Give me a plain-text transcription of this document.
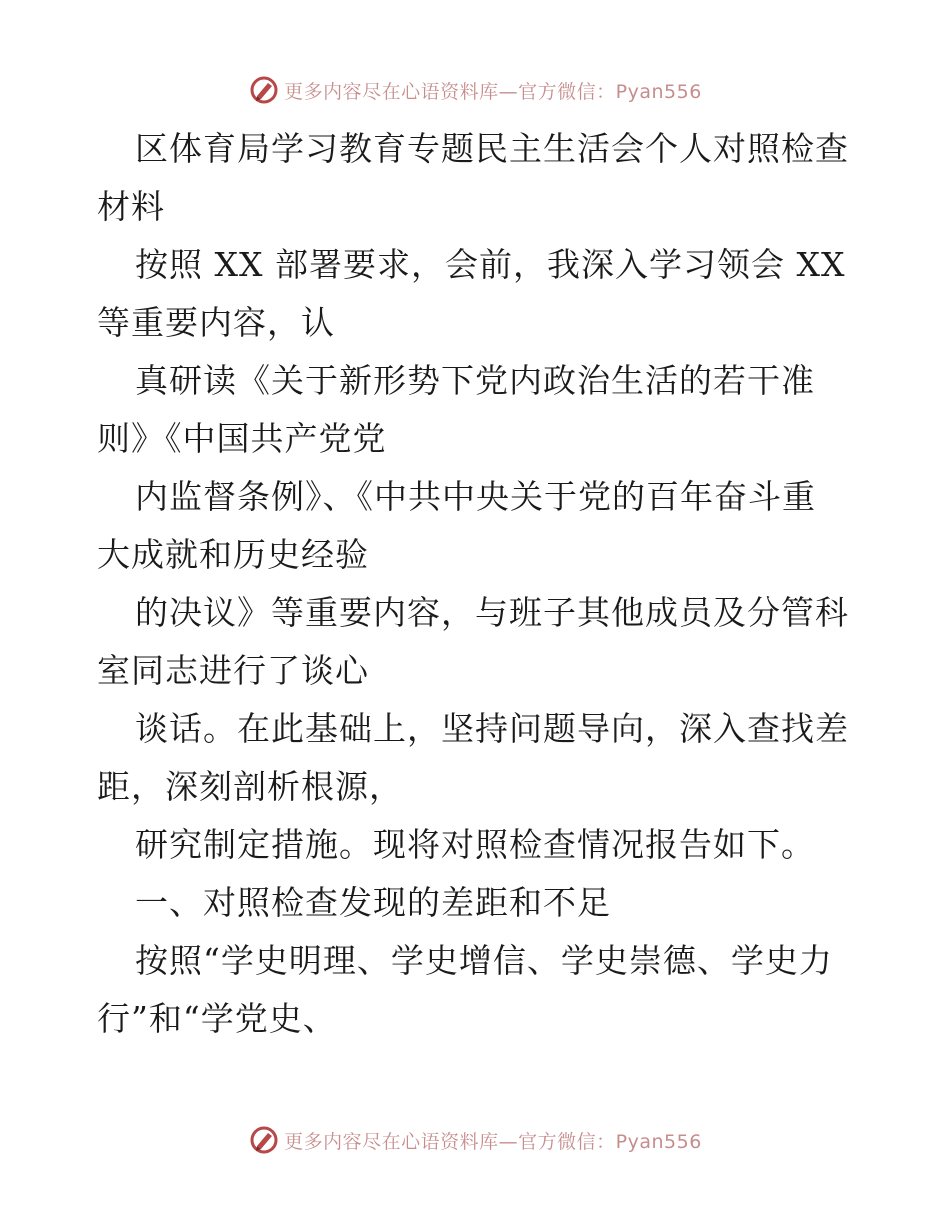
更多内容尽在心语资料库—官方微信：Pyan556
区体育局学习教育专题民主生活会个人对照检查
材料
按照 XX 部署要求，会前，我深入学习领会 XX
等重要内容，认
真研读《关于新形势下党内政治生活的若干准
则》《中国共产党党
内监督条例》、《中共中央关于党的百年奋斗重
大成就和历史经验
的决议》等重要内容，与班子其他成员及分管科
室同志进行了谈心
谈话。在此基础上，坚持问题导向，深入查找差
距，深刻剖析根源，
研究制定措施。现将对照检查情况报告如下。
一、对照检查发现的差距和不足
按照“学史明理、学史增信、学史崇德、学史力
行”和“学党史、
更多内容尽在心语资料库—官方微信：Pyan556
